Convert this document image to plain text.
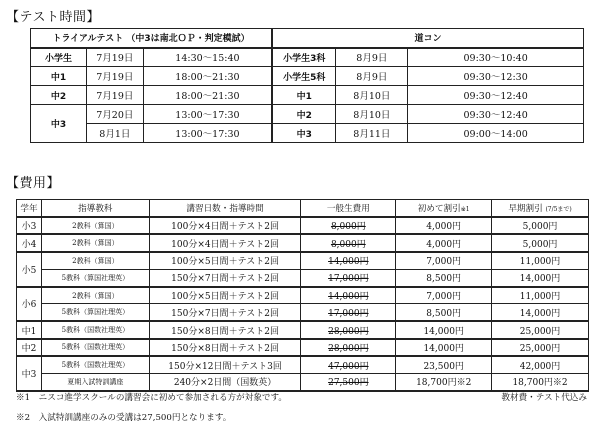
【テスト時間】
トライアルテスト （中3は南北ＯＰ・判定模試）			道コン		
小学生	7月19日	14:30～15:40	小学生3科	8月9日	09:30～10:40
中1	7月19日	18:00～21:30	小学生5科	8月9日	09:30～12:30
中2	7月19日	18:00～21:30	中1	8月10日	09:30～12:40
中3	7月20日	13:00～17:30	中2	8月10日	09:30～12:40
	8月1日	13:00～17:30	中3	8月11日	09:00～14:00
【費用】
学年	指導教科	講習日数・指導時間	一般生費用	初めて割引※1	早期割引 (7/5まで)
小3	2教科（算国）	100分×4日間＋テスト2回	8,000円	4,000円	5,000円
小4	2教科（算国）	100分×4日間＋テスト2回	8,000円	4,000円	5,000円
小5	2教科（算国）	100分×5日間＋テスト2回	14,000円	7,000円	11,000円
	5教科（算国社理英）	150分×7日間＋テスト2回	17,000円	8,500円	14,000円
小6	2教科（算国）	100分×5日間＋テスト2回	14,000円	7,000円	11,000円
	5教科（算国社理英）	150分×7日間＋テスト2回	17,000円	8,500円	14,000円
中1	5教科（国数社理英）	150分×8日間＋テスト2回	28,000円	14,000円	25,000円
中2	5教科（国数社理英）	150分×8日間＋テスト2回	28,000円	14,000円	25,000円
中3	5教科（国数社理英）	150分×12日間＋テスト3回	47,000円	23,500円	42,000円
	夏期入試特訓講座	240分×2日間（国数英）	27,500円	18,700円※2	18,700円※2
※1　ニスコ進学スクールの講習会に初めて参加される方が対象です。	教材費・テスト代込み
※2　入試特訓講座のみの受講は27,500円となります。
